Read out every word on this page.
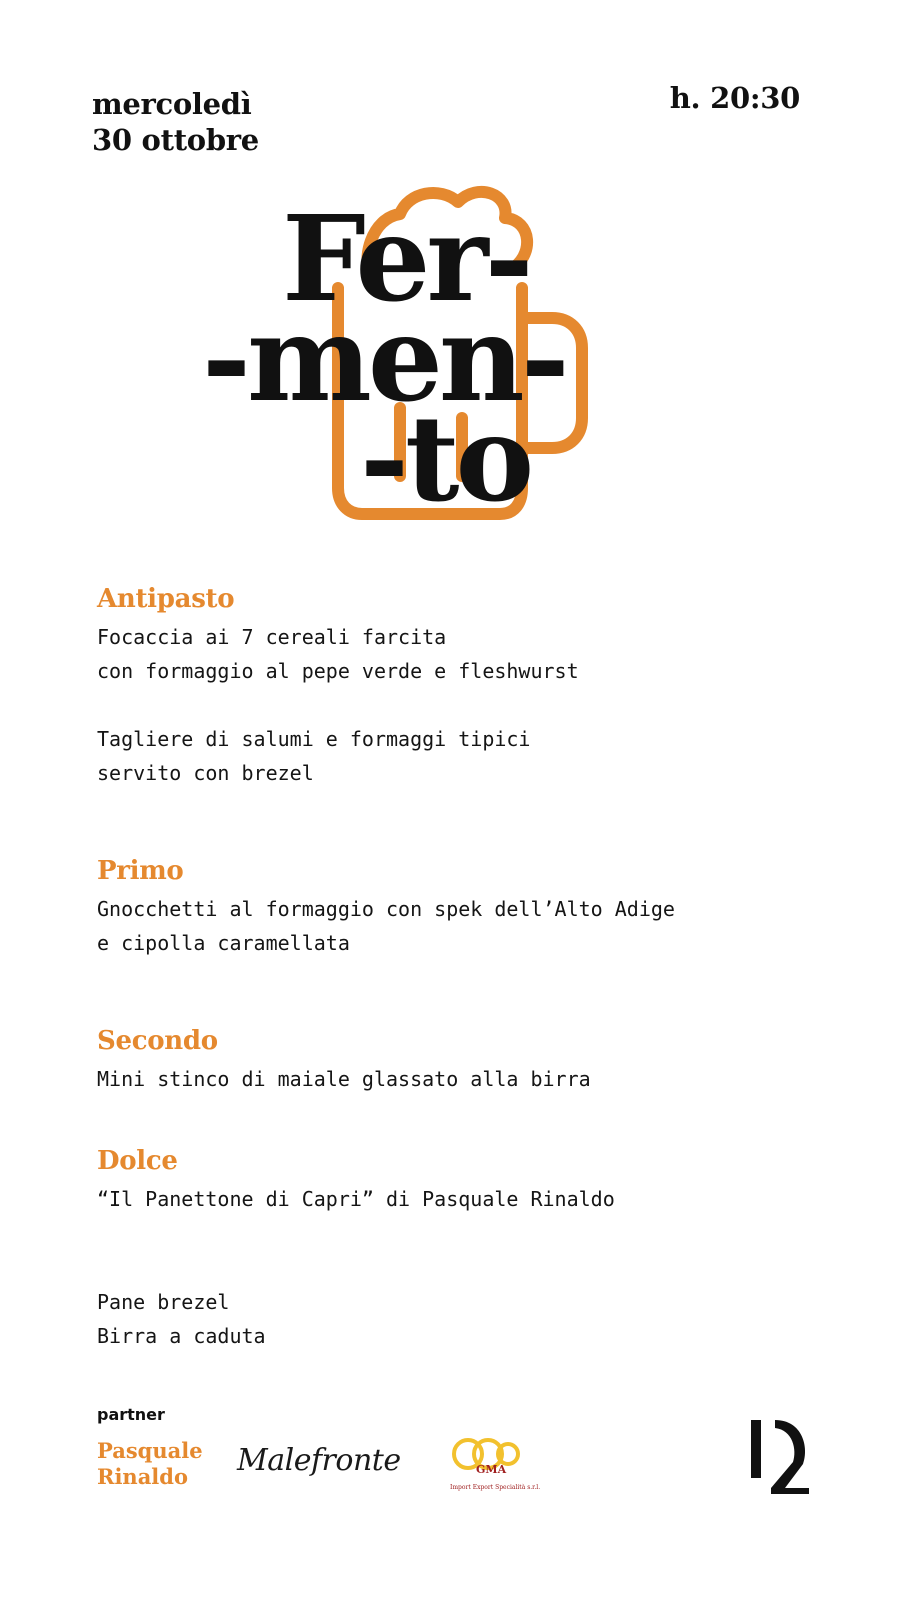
mercoledì
30 ottobre
h. 20:30
Fer-
-men-
-to
Antipasto
Focaccia ai 7 cereali farcita
con formaggio al pepe verde e fleshwurst
Tagliere di salumi e formaggi tipici
servito con brezel
Primo
Gnocchetti al formaggio con spek dell’Alto Adige
e cipolla caramellata
Secondo
Mini stinco di maiale glassato alla birra
Dolce
“Il Panettone di Capri” di Pasquale Rinaldo
Pane brezel
Birra a caduta
partner
Pasquale
Rinaldo	Malefronte	GMA
Import Export Specialità s.r.l.
